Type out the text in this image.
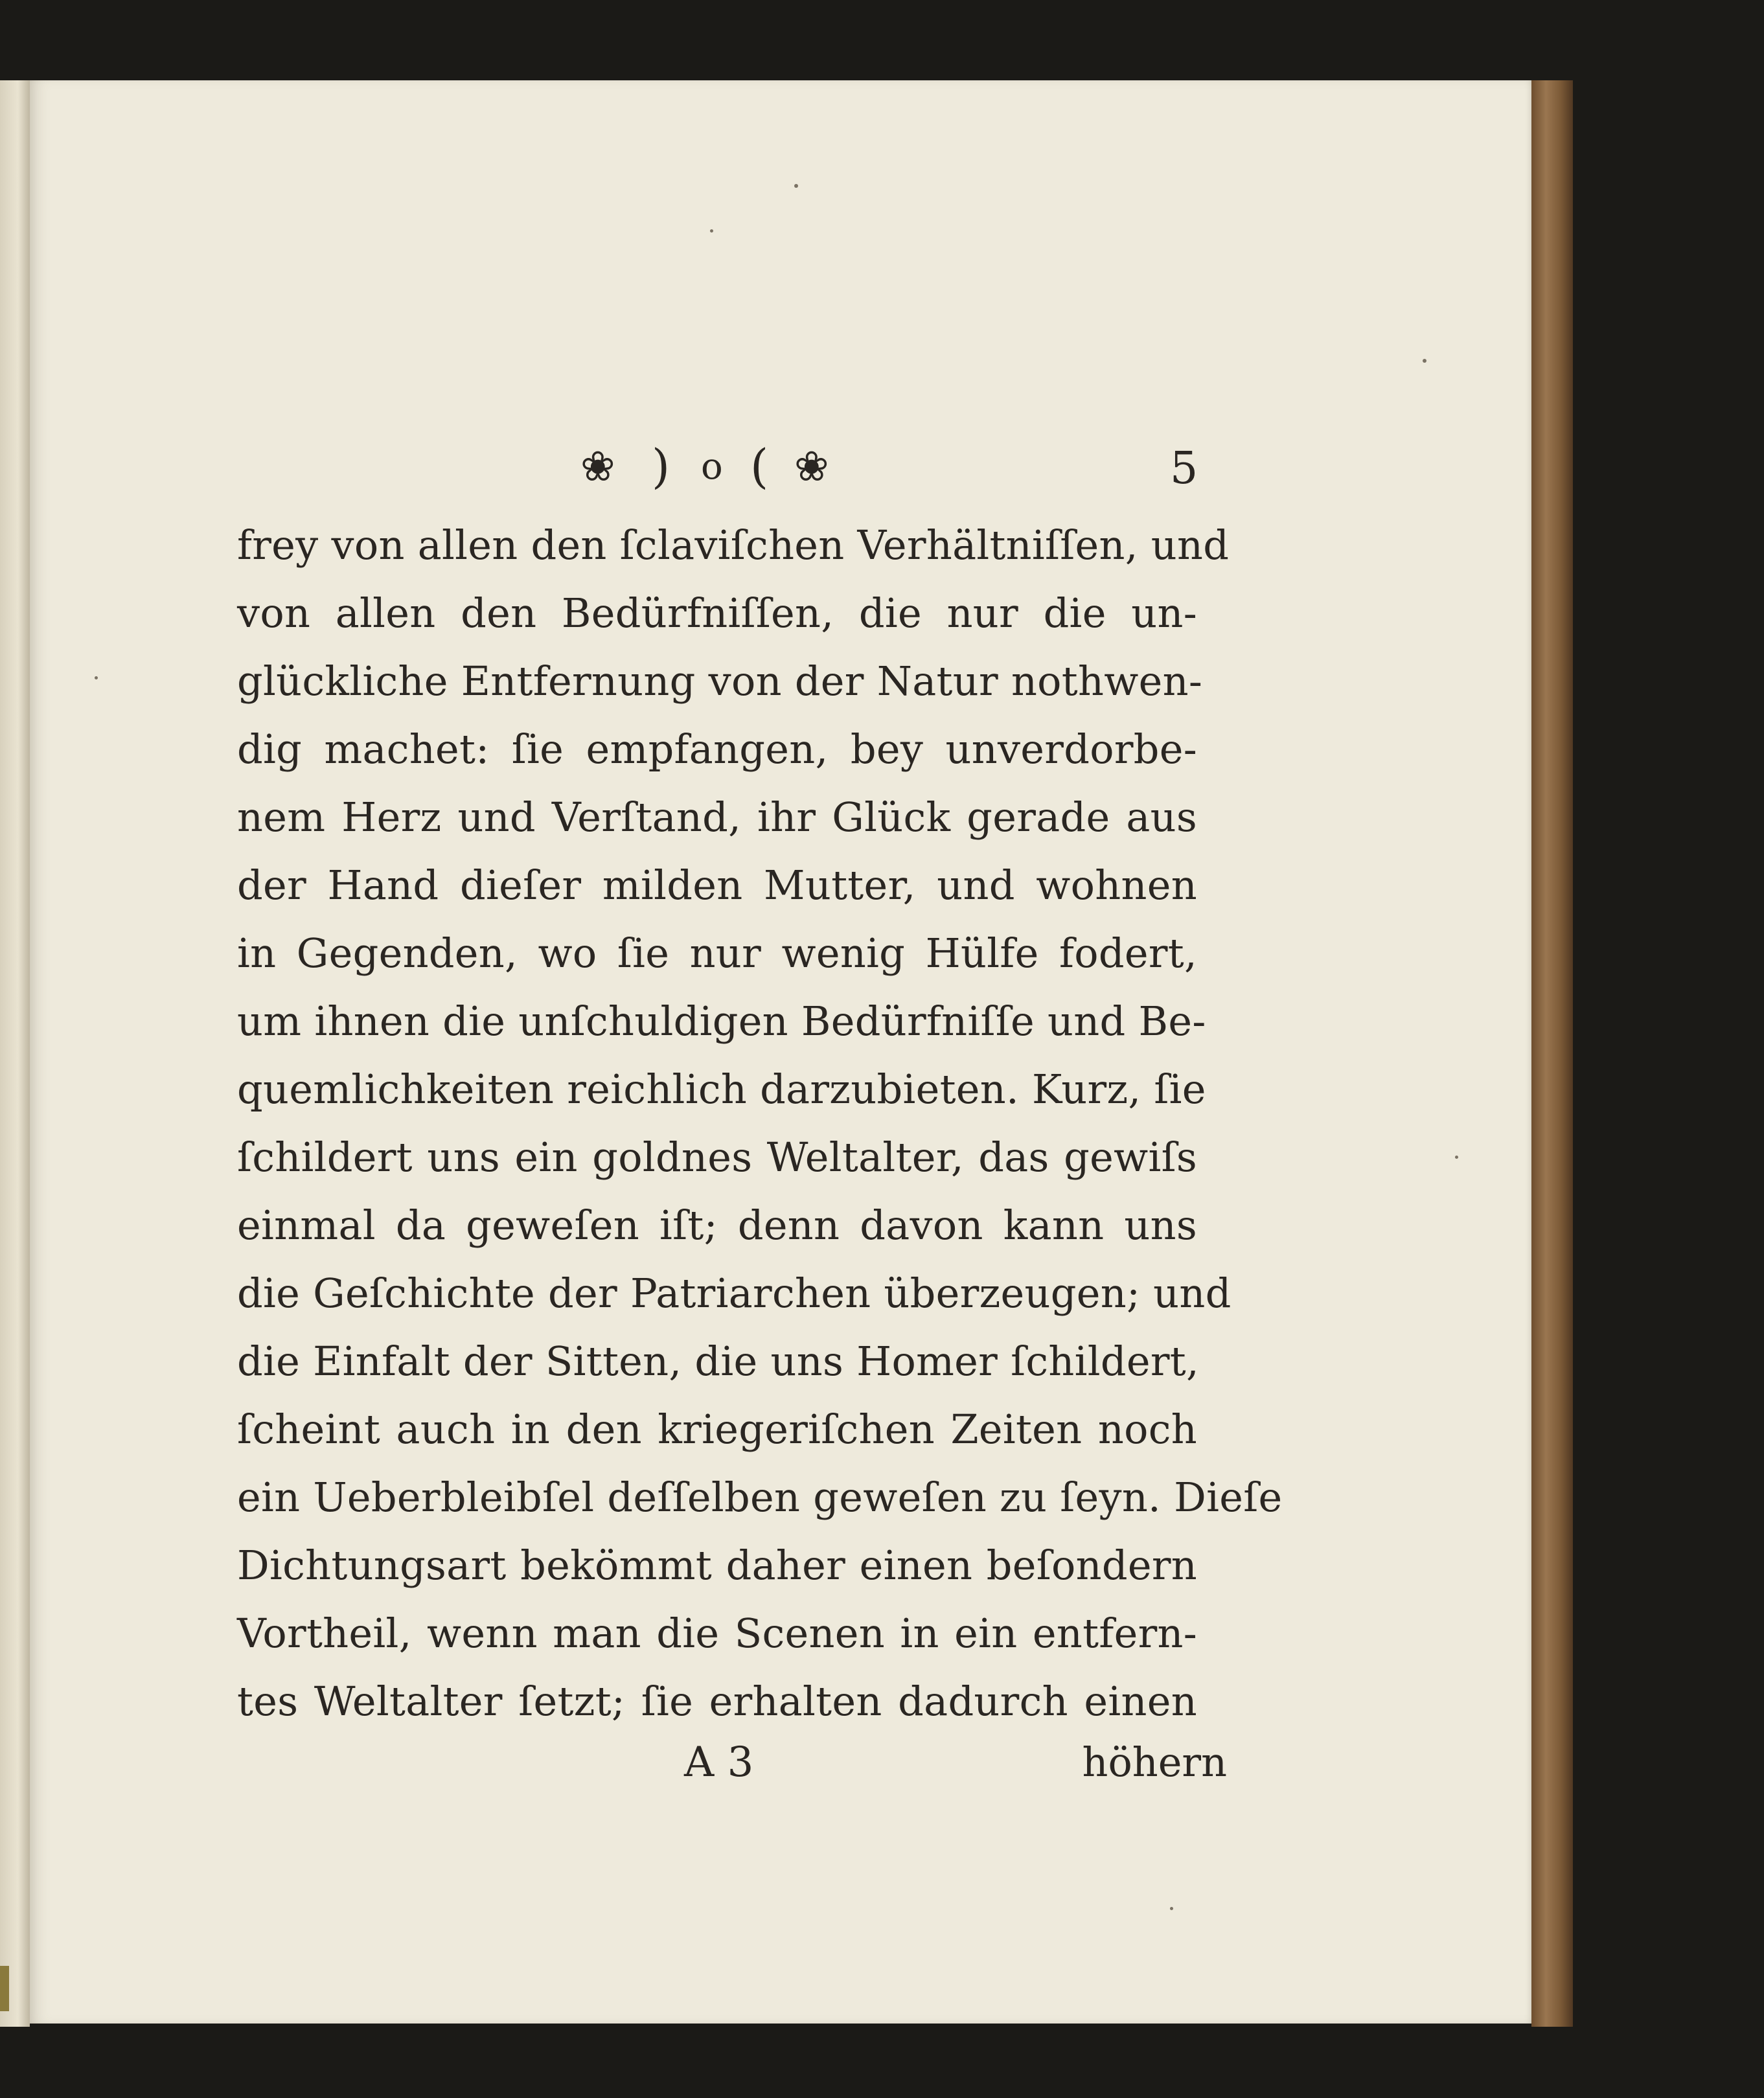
❀ ) o ( ❀	5
frey von allen den ſclaviſchen Verhältniſſen, und
von allen den Bedürfniſſen, die nur die un-
glückliche Entfernung von der Natur nothwen-
dig machet: ſie empfangen, bey unverdorbe-
nem Herz und Verſtand, ihr Glück gerade aus
der Hand dieſer milden Mutter, und wohnen
in Gegenden, wo ſie nur wenig Hülfe fodert,
um ihnen die unſchuldigen Bedürfniſſe und Be-
quemlichkeiten reichlich darzubieten. Kurz, ſie
ſchildert uns ein goldnes Weltalter, das gewiſs
einmal da geweſen iſt; denn davon kann uns
die Geſchichte der Patriarchen überzeugen; und
die Einfalt der Sitten, die uns Homer ſchildert,
ſcheint auch in den kriegeriſchen Zeiten noch
ein Ueberbleibſel deſſelben geweſen zu ſeyn. Dieſe
Dichtungsart bekömmt daher einen beſondern
Vortheil, wenn man die Scenen in ein entfern-
tes Weltalter ſetzt; ſie erhalten dadurch einen
A 3	höhern
